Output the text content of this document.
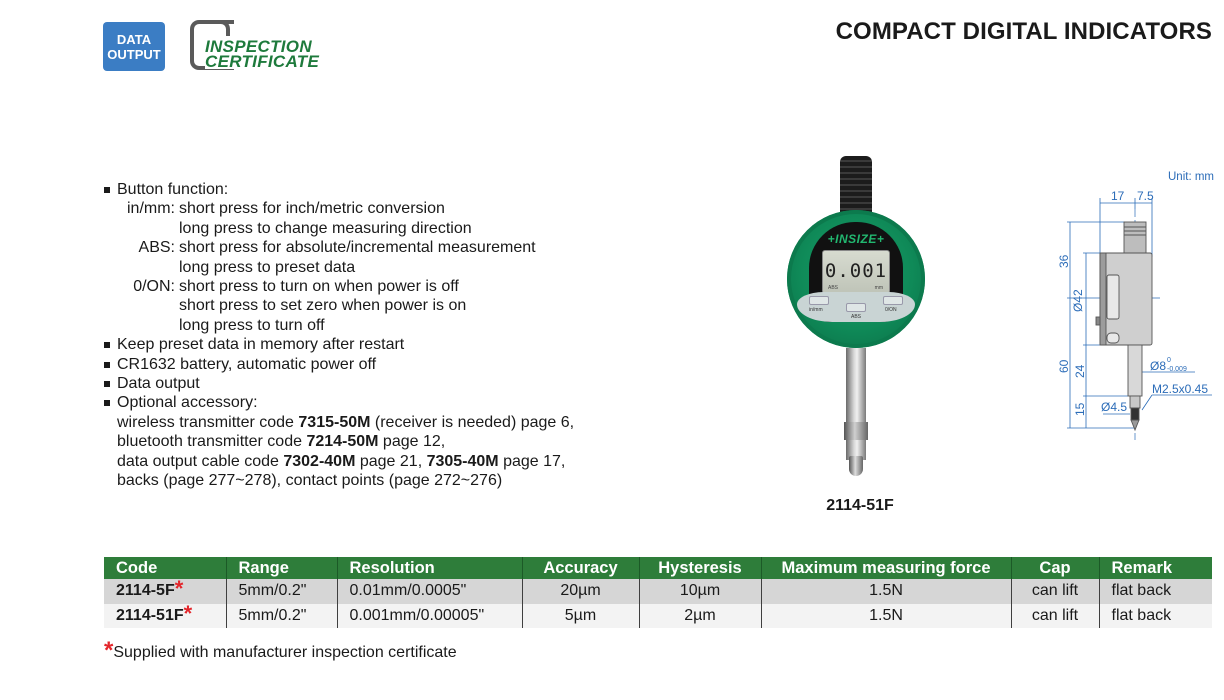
DATA
OUTPUT	INSPECTION
CERTIFICATE
COMPACT DIGITAL INDICATORS
Button function:
in/mm: short press for inch/metric conversion
long press to change measuring direction
ABS: short press for absolute/incremental measurement
long press to preset data
0/ON: short press to turn on when power is off
short press to set zero when power is on
long press to turn off
Keep preset data in memory after restart
CR1632 battery, automatic power off
Data output
Optional accessory:
wireless transmitter code 7315-50M (receiver is needed) page 6,
bluetooth transmitter code 7214-50M page 12,
data output cable code 7302-40M page 21, 7305-40M page 17,
backs (page 277~278), contact points (page 272~276)
+INSIZE+
0.001
ABS	mm
in/mm
ABS
0/ON
2114-51F
Unit: mm
17 7.5
36
Ø42
60 24
15
Ø8 0
-0.009
Ø4.5
M2.5x0.45
Code	Range	Resolution	Accuracy	Hysteresis	Maximum measuring force	Cap	Remark
2114-5F*	5mm/0.2"	0.01mm/0.0005"	20µm	10µm	1.5N	can lift	flat back
2114-51F*	5mm/0.2"	0.001mm/0.00005"	5µm	2µm	1.5N	can lift	flat back
*Supplied with manufacturer inspection certificate
